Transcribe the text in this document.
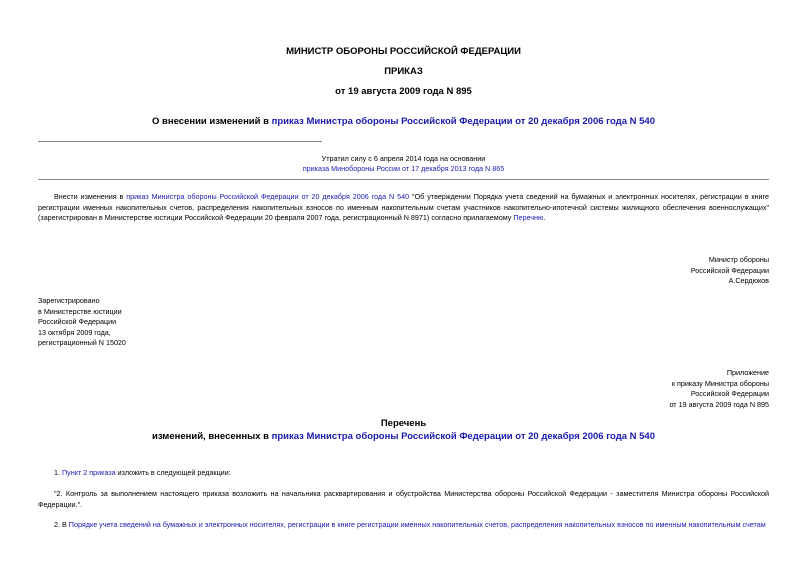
МИНИСТР ОБОРОНЫ РОССИЙСКОЙ ФЕДЕРАЦИИ
ПРИКАЗ
от 19 августа 2009 года N 895
О внесении изменений в приказ Министра обороны Российской Федерации от 20 декабря 2006 года N 540
Утратил силу с 6 апреля 2014 года на основании
приказа Минобороны России от 17 декабря 2013 года N 865
Внести изменения в приказ Министра обороны Российской Федерации от 20 декабря 2006 года N 540 "Об утверждении Порядка учета сведений на бумажных и электронных носителях, регистрации в книге регистрации именных накопительных счетов, распределения накопительных взносов по именным накопительным счетам участников накопительно-ипотечной системы жилищного обеспечения военнослужащих" (зарегистрирован в Министерстве юстиции Российской Федерации 20 февраля 2007 года, регистрационный N 8971) согласно прилагаемому Перечню.
Министр обороны
Российской Федерации
А.Сердюков
Зарегистрировано
в Министерстве юстиции
Российской Федерации
13 октября 2009 года,
регистрационный N 15020
Приложение
к приказу Министра обороны
Российской Федерации
от 19 августа 2009 года N 895
Перечень
изменений, внесенных в приказ Министра обороны Российской Федерации от 20 декабря 2006 года N 540
1. Пункт 2 приказа изложить в следующей редакции:
"2. Контроль за выполнением настоящего приказа возложить на начальника расквартирования и обустройства Министерства обороны Российской Федерации - заместителя Министра обороны Российской Федерации.".
2. В Порядке учета сведений на бумажных и электронных носителях, регистрации в книге регистрации именных накопительных счетов, распределения накопительных взносов по именным накопительным счетам
